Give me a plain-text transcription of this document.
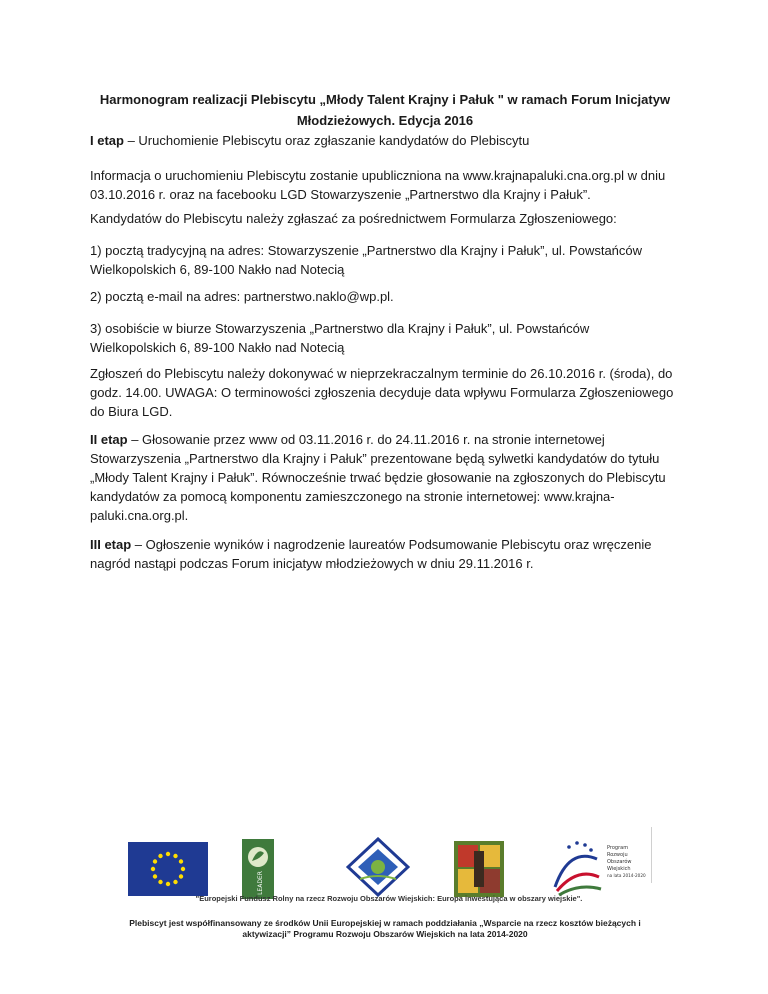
Harmonogram realizacji Plebiscytu „Młody Talent Krajny i Pałuk " w ramach Forum Inicjatyw
Młodzieżowych. Edycja 2016
I etap – Uruchomienie Plebiscytu oraz zgłaszanie kandydatów do Plebiscytu
Informacja o uruchomieniu Plebiscytu zostanie upubliczniona na www.krajnapaluki.cna.org.pl w dniu
03.10.2016 r. oraz na facebooku LGD Stowarzyszenie „Partnerstwo dla Krajny i Pałuk”.
Kandydatów do Plebiscytu należy zgłaszać za pośrednictwem Formularza Zgłoszeniowego:
1) pocztą tradycyjną na adres: Stowarzyszenie „Partnerstwo dla Krajny i Pałuk”, ul. Powstańców
Wielkopolskich 6, 89-100 Nakło nad Notecią
2) pocztą e-mail na adres: partnerstwo.naklo@wp.pl.
3) osobiście w biurze Stowarzyszenia „Partnerstwo dla Krajny i Pałuk”, ul. Powstańców
Wielkopolskich 6, 89-100 Nakło nad Notecią
Zgłoszeń do Plebiscytu należy dokonywać w nieprzekraczalnym terminie do 26.10.2016 r. (środa), do
godz. 14.00. UWAGA: O terminowości zgłoszenia decyduje data wpływu Formularza Zgłoszeniowego
do Biura LGD.
II etap – Głosowanie przez www od 03.11.2016 r. do 24.11.2016 r. na stronie internetowej
Stowarzyszenia „Partnerstwo dla Krajny i Pałuk” prezentowane będą sylwetki kandydatów do tytułu
„Młody Talent Krajny i Pałuk”. Równocześnie trwać będzie głosowanie na zgłoszonych do Plebiscytu
kandydatów za pomocą komponentu zamieszczonego na stronie internetowej: www.krajna-
paluki.cna.org.pl.
III etap – Ogłoszenie wyników i nagrodzenie laureatów Podsumowanie Plebiscytu oraz wręczenie
nagród nastąpi podczas Forum inicjatyw młodzieżowych w dniu 29.11.2016 r.
LEADER
Program
Rozwoju
Obszarów
Wiejskich
na lata 2014-2020
"Europejski Fundusz Rolny na rzecz Rozwoju Obszarów Wiejskich: Europa inwestująca w obszary wiejskie".
Plebiscyt jest współfinansowany ze środków Unii Europejskiej w ramach poddziałania „Wsparcie na rzecz kosztów bieżących i
aktywizacji” Programu Rozwoju Obszarów Wiejskich na lata 2014-2020
